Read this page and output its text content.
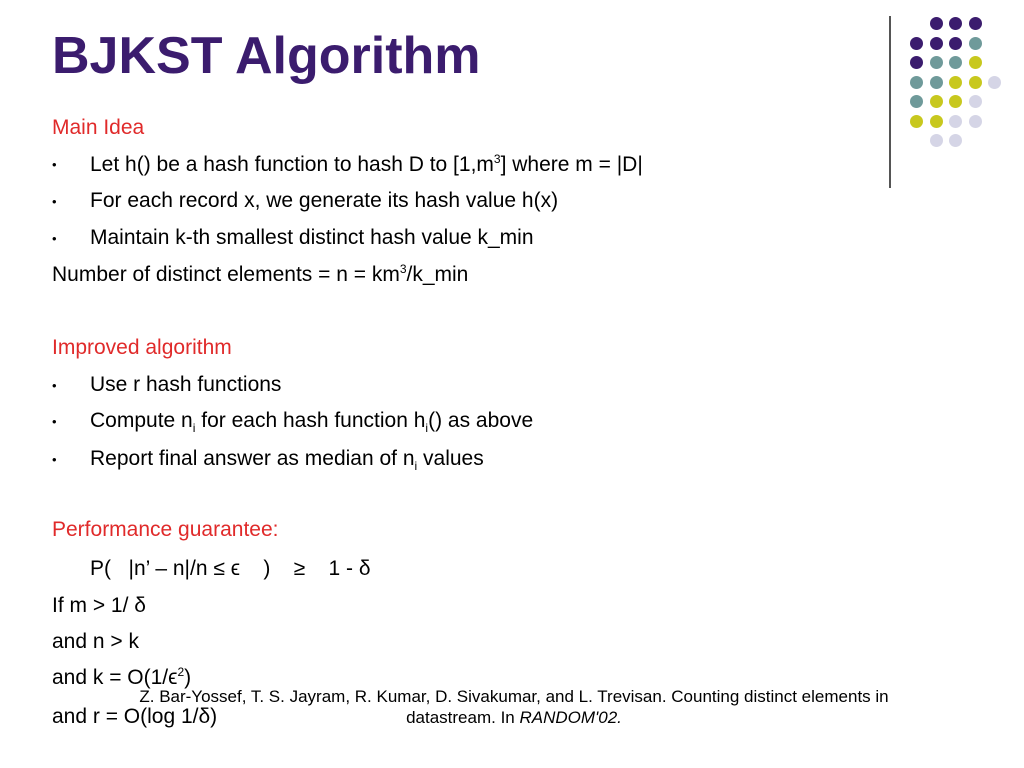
BJKST Algorithm
Main Idea
• Let h() be a hash function to hash D to $[1,m^3]$ where m = |D|
• For each record x, we generate its hash value h(x)
• Maintain k-th smallest distinct hash value k_min
Number of distinct elements = $n = km^3/k\_\min$
Improved algorithm
• Use r hash functions
• Compute $n_i$ for each hash function $h_i()$ as above
• Report final answer as median of $n_i$ values
Performance guarantee:
P(   |n’ – n|/n ≤ ϵ    )    ≥    1 - δ
If m > 1/ δ
and n > k
and $k = O(1/\epsilon^2)$
and r = O(log 1/δ)
Z. Bar-Yossef, T. S. Jayram, R. Kumar, D. Sivakumar, and L. Trevisan. Counting distinct elements in
datastream. In RANDOM'02.
